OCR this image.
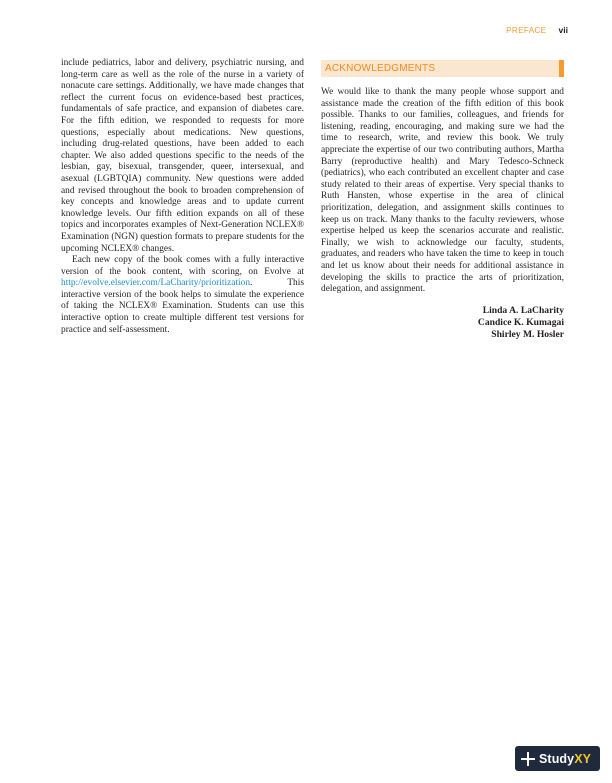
PREFACE vii

include pediatrics, labor and delivery, psychiatric nursing, and long-term care as well as the role of the nurse in a variety of nonacute care settings. Additionally, we have made changes that reflect the current focus on evidence-based best practices, fundamentals of safe practice, and expansion of diabetes care. For the fifth edition, we responded to requests for more questions, especially about medications. New questions, including drug-related questions, have been added to each chapter. We also added questions specific to the needs of the lesbian, gay, bisexual, transgender, queer, intersexual, and asexual (LGBTQIA) community. New questions were added and revised throughout the book to broaden comprehension of key concepts and knowledge areas and to update current knowledge levels. Our fifth edition expands on all of these topics and incorporates examples of Next-Generation NCLEX® Examination (NGN) question formats to prepare students for the upcoming NCLEX® changes.

Each new copy of the book comes with a fully interactive version of the book content, with scoring, on Evolve at http://evolve.elsevier.com/LaCharity/prioritization. This interactive version of the book helps to simulate the experience of taking the NCLEX® Examination. Students can use this interactive option to create multiple different test versions for practice and self-assessment.

ACKNOWLEDGMENTS

We would like to thank the many people whose support and assistance made the creation of the fifth edition of this book possible. Thanks to our families, colleagues, and friends for listening, reading, encouraging, and making sure we had the time to research, write, and review this book. We truly appreciate the expertise of our two contributing authors, Martha Barry (reproductive health) and Mary Tedesco-Schneck (pediatrics), who each contributed an excellent chapter and case study related to their areas of expertise. Very special thanks to Ruth Hansten, whose expertise in the area of clinical prioritization, delegation, and assignment skills continues to keep us on track. Many thanks to the faculty reviewers, whose expertise helped us keep the scenarios accurate and realistic. Finally, we wish to acknowledge our faculty, students, graduates, and readers who have taken the time to keep in touch and let us know about their needs for additional assistance in developing the skills to practice the arts of prioritization, delegation, and assignment.

Linda A. LaCharity
Candice K. Kumagai
Shirley M. Hosler
StudyXY
